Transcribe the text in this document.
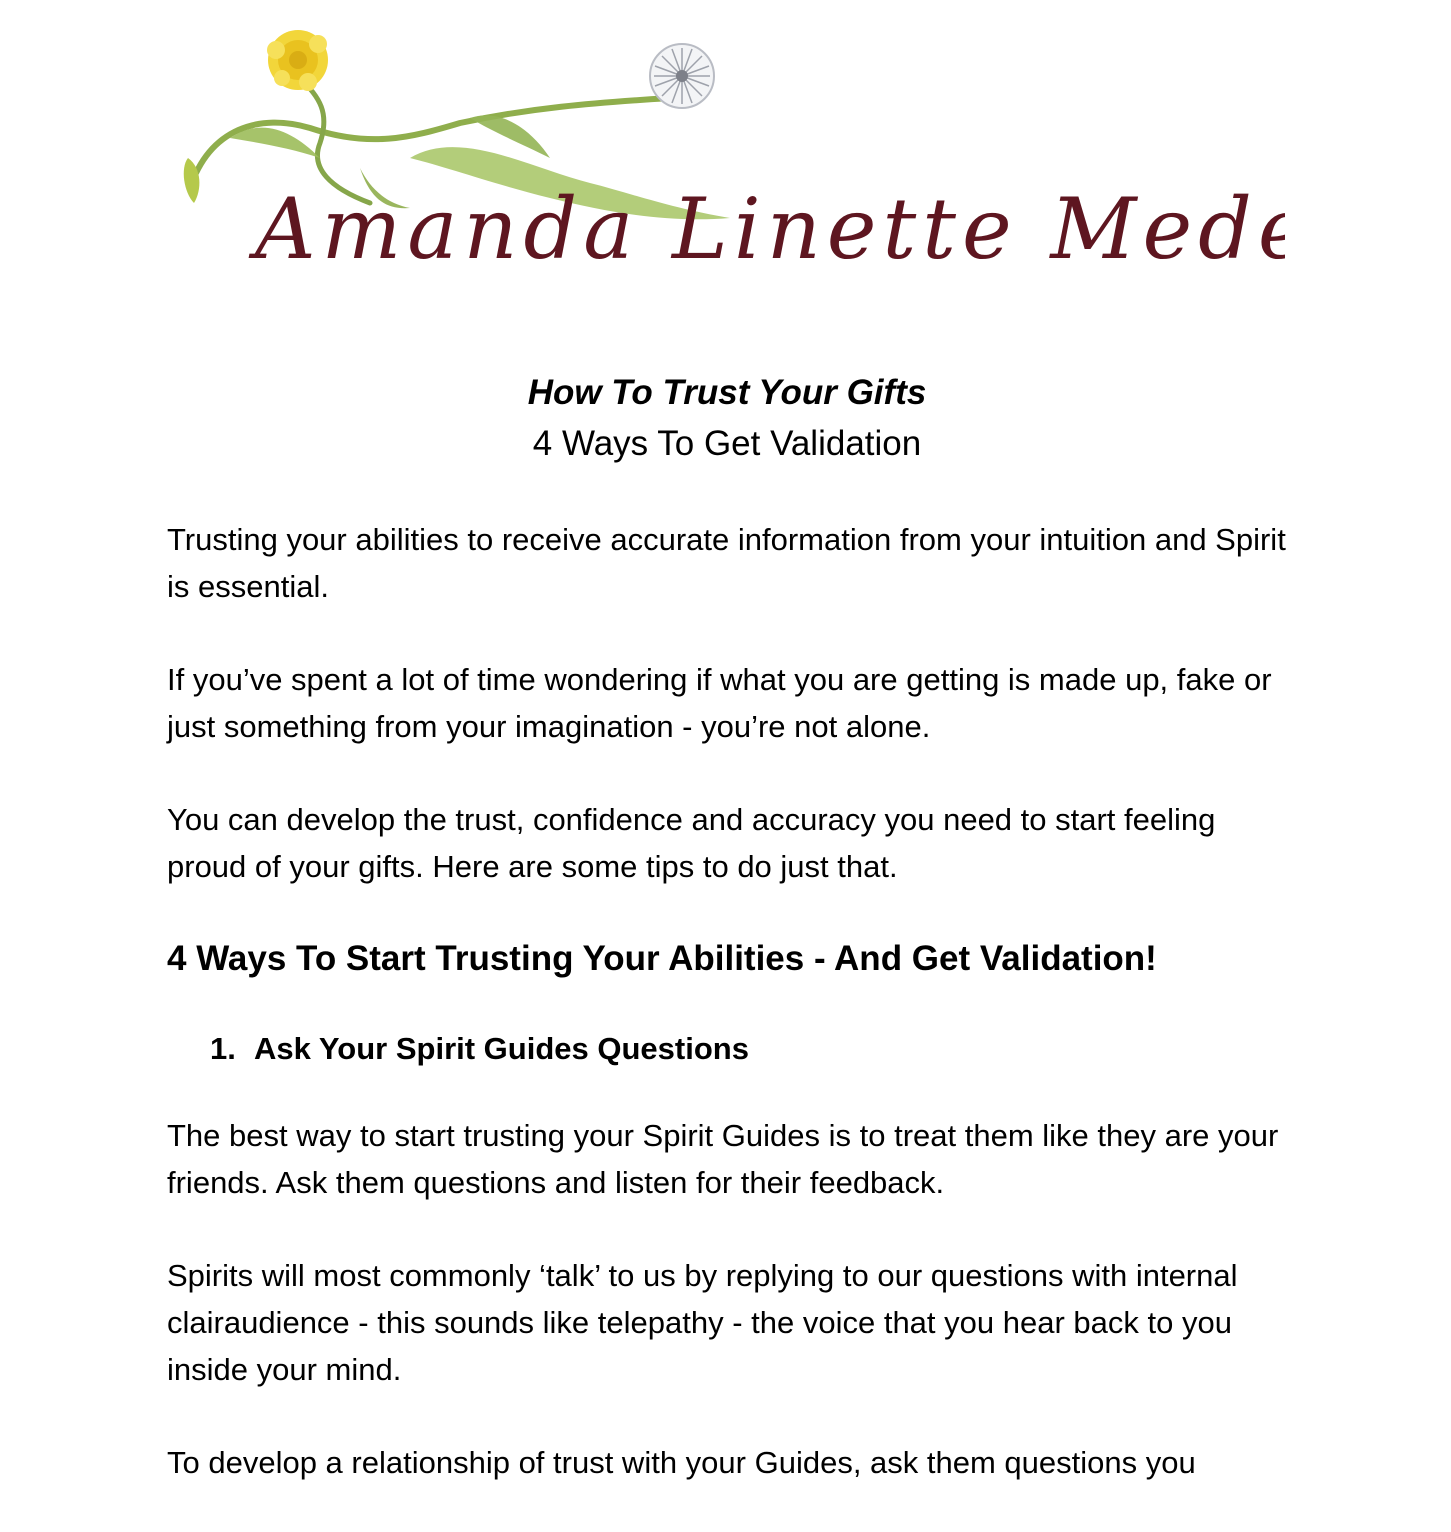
Amanda Linette Meder
How To Trust Your Gifts
4 Ways To Get Validation

Trusting your abilities to receive accurate information from your intuition and Spirit is essential.

If you’ve spent a lot of time wondering if what you are getting is made up, fake or just something from your imagination - you’re not alone.

You can develop the trust, confidence and accuracy you need to start feeling proud of your gifts. Here are some tips to do just that.

4 Ways To Start Trusting Your Abilities - And Get Validation!
1. Ask Your Spirit Guides Questions

The best way to start trusting your Spirit Guides is to treat them like they are your friends. Ask them questions and listen for their feedback.

Spirits will most commonly ‘talk’ to us by replying to our questions with internal clairaudience - this sounds like telepathy - the voice that you hear back to you inside your mind.

To develop a relationship of trust with your Guides, ask them questions you
